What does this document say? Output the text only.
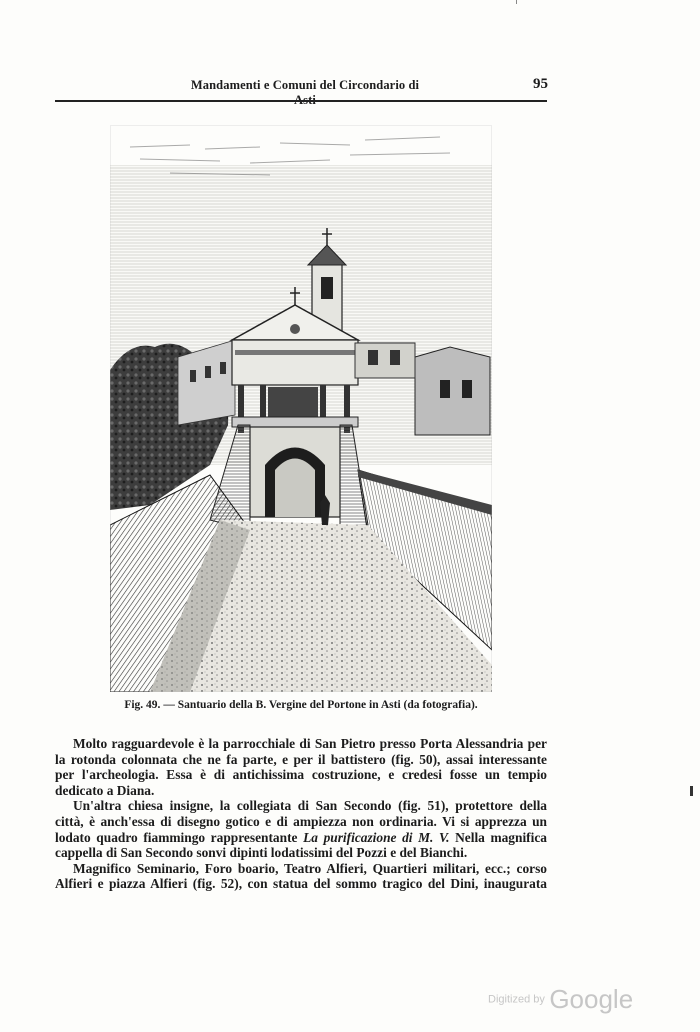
Mandamenti e Comuni del Circondario di	95
Fig. 49. — Santuario della B. Vergine del Portone in Asti (da fotografia).

Molto ragguardevole è la parrocchiale di San Pietro presso Porta Alessandria per
la rotonda colonnata che ne fa parte, e per il battistero (fig. 50), assai interessante
per l'archeologia. Essa è di antichissima costruzione, e credesi fosse un tempio
dedicato a Diana.

Un'altra chiesa insigne, la collegiata di San Secondo (fig. 51), protettore della
città, è anch'essa di disegno gotico e di ampiezza non ordinaria. Vi si apprezza un
lodato quadro fiammingo rappresentante La purificazione di M. V. Nella magnifica
cappella di San Secondo sonvi dipinti lodatissimi del Pozzi e del Bianchi.

Magnifico Seminario, Foro boario, Teatro Alfieri, Quartieri militari, ecc.; corso
Alfieri e piazza Alfieri (fig. 52), con statua del sommo tragico del Dini, inaugurata

Digitized by Google
